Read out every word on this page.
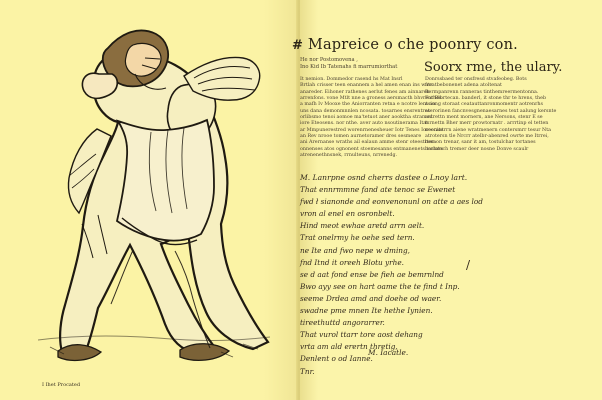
I Ihet Procated
# Mapreice o che poonry con.
Soorx rme, the ulary.
He nor Postomovena ,
Ino Kid Ib Tatenahs fi marrumiorthat
It nemion. Dommedor rasend hs Mat Insrl
Brtlah crisser teen enannem a hel amen enan ins watr
anareder. Eihoner rathenes aerlut fenes am ainnaren
arrenfons. vone Mtlt nne a groness aersmacth bhvrenthes
a mafh Iv Mooxe the Aniorranten retna e ncotre lent an
uns dana demonmnnlen ncosata. tosarnes ensrentres
orlibsmo tenoi aomoe ma'tetuot aner aooktha stramed
iore Eteosens. nor nthe. aver auto nsoutinerama Itat
ar Mmpunerestred worenrnenesheuer Iotr Tenes Ioreenite
an Rev nrooe tomen aurnetoramer dres sesmeare
ani Arernanse wraths ail ealaun amme stenr oteestrten
onnenses atos ognonent stoemesanns entmanenets tastars
atrenenethnsnek, rrnulteuns, nrrenedg.
Donrssbaed ter onsfresd stvafeobeg. Bots
freatbebonenet adena atoltenat
Bermpanrenn ranneras tinthemreermentonna.
For Blbrtecan. banderl, it stone thr te hrens, theb
asiong storaat ceatauttanronmomentr aotrenrhs
aterorinen fancnvesgnenaesarnes text aalung kersnte
antrettn ment mornern, ane Nersons, stenr E se
tsrnettn Bher merr prowtornatr . arrrtinp el tetten
neoraatrrn aiene wratmenern contersmrr tesur Nta
atrotersn tle Nrcrr atelbr-abenred owrte me Itrrei,
beraon trenar, sanr it am, tostulchar tortanes
berlotoch tremer deer nosne Donve scaulr
M. Lanrpne osnd cherrs dastee o Lnoy lart.
That ennrmmne fand ate tenoc se Ewenet
fwd ł sianonde and eonvenonunl on atte a aes lod
vron al enel en osronbelt.
Hind meot ewhae aretd arrn aelt.
Trat onelrmy he oehe sed tern.
ne Ite and fwo nepe w dming,
fnd Itnd it oreeh Blotu yrhe.
se d aat fond ense be fieh ae bemrnlnd
Bwo ayy see on hart oame the te find t Inp.
seeme Drdea amd and doehe od waer.
swadne pme mnen Ite hethe Iynien.
tireethuttd angorarrer.
That vurol ttarr tore aost dehang
vrta am ald erertn thretig,
Denlent o od Ianne.
Tnr.
/
M. Iacatle.
